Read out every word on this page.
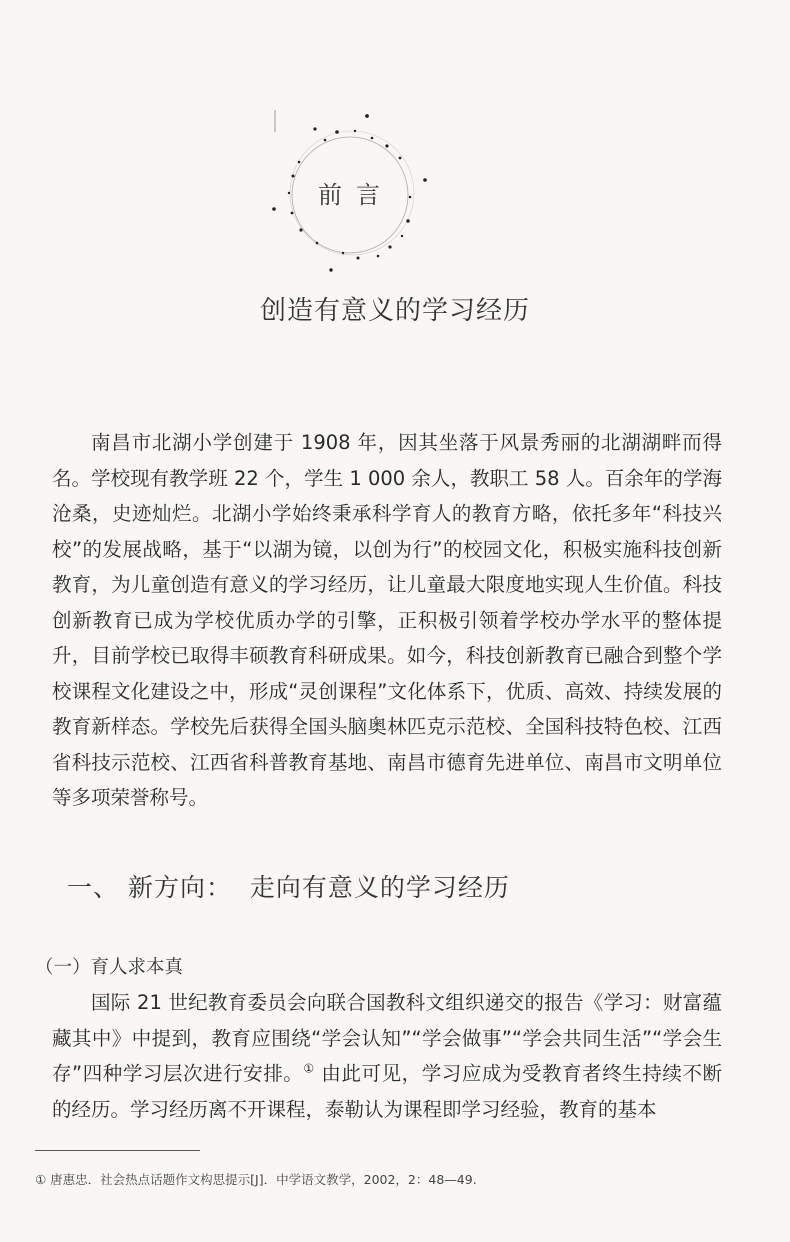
前言
创造有意义的学习经历

南昌市北湖小学创建于 1908 年，因其坐落于风景秀丽的北湖湖畔而得名。学校现有教学班 22 个，学生 1 000 余人，教职工 58 人。百余年的学海沧桑，史迹灿烂。北湖小学始终秉承科学育人的教育方略，依托多年“科技兴校”的发展战略，基于“以湖为镜，以创为行”的校园文化，积极实施科技创新教育，为儿童创造有意义的学习经历，让儿童最大限度地实现人生价值。科技创新教育已成为学校优质办学的引擎，正积极引领着学校办学水平的整体提升，目前学校已取得丰硕教育科研成果。如今，科技创新教育已融合到整个学校课程文化建设之中，形成“灵创课程”文化体系下，优质、高效、持续发展的教育新样态。学校先后获得全国头脑奥林匹克示范校、全国科技特色校、江西省科技示范校、江西省科普教育基地、南昌市德育先进单位、南昌市文明单位等多项荣誉称号。

一、 新方向：  走向有意义的学习经历
（一）育人求本真

国际 21 世纪教育委员会向联合国教科文组织递交的报告《学习：财富蕴藏其中》中提到，教育应围绕“学会认知”“学会做事”“学会共同生活”“学会生存”四种学习层次进行安排。① 由此可见，学习应成为受教育者终生持续不断的经历。学习经历离不开课程，泰勒认为课程即学习经验，教育的基本

① 唐惠忠．社会热点话题作文构思提示[J]．中学语文教学，2002，2：48—49.
